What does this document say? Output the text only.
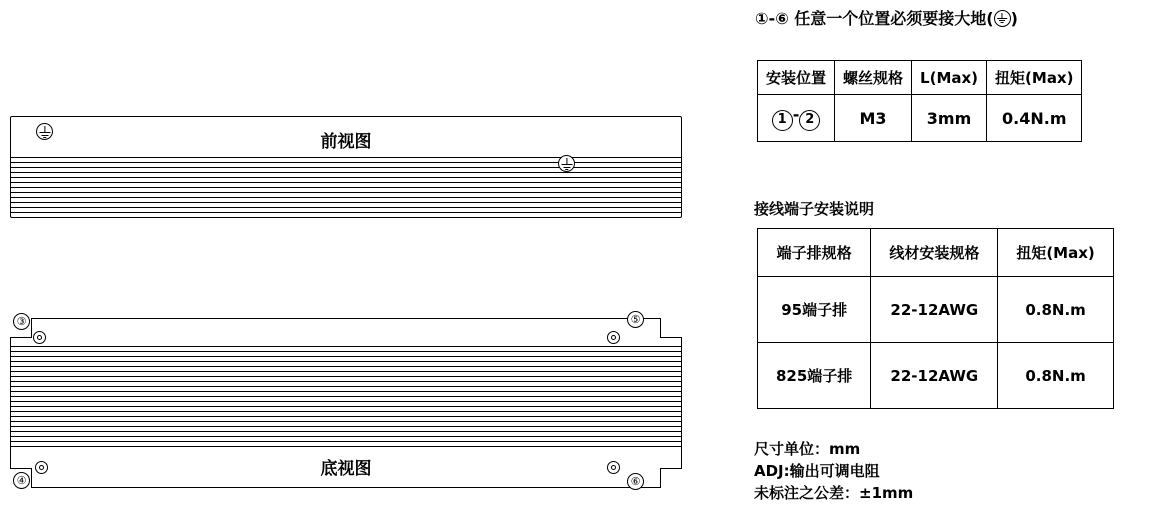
前视图
底视图
③
④
⑤
⑥
①-⑥ 任意一个位置必须要接大地( )
安装位置	螺丝规格	L(Max)	扭矩(Max)
1 - 2	M3	3mm	0.4N.m
接线端子安装说明
端子排规格	线材安装规格	扭矩(Max)
95端子排	22-12AWG	0.8N.m
825端子排	22-12AWG	0.8N.m
尺寸单位：mm
ADJ:输出可调电阻
未标注之公差：±1mm
